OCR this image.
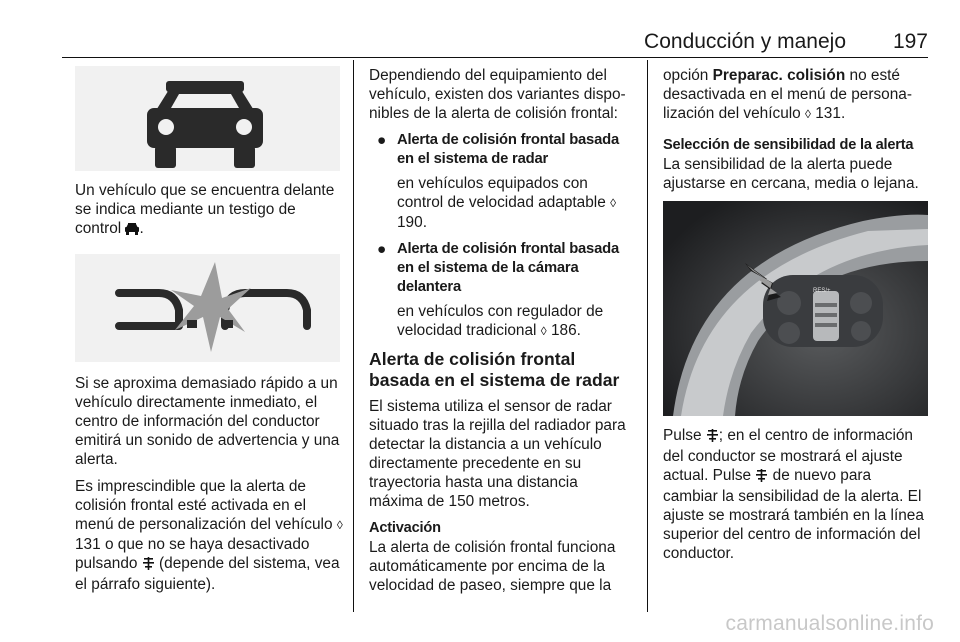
Conducción y manejo 197

Un vehículo que se encuentra delante se indica mediante un testigo de control .

Si se aproxima demasiado rápido a un vehículo directamente inmediato, el centro de información del conductor emitirá un sonido de advertencia y una alerta.

Es imprescindible que la alerta de colisión frontal esté activada en el menú de personalización del vehículo ◊ 131 o que no se haya desactivado pulsando  (depende del sistema, vea el párrafo siguiente).

Dependiendo del equipamiento del vehículo, existen dos variantes disponibles de la alerta de colisión frontal:

● Alerta de colisión frontal basada en el sistema de radar
en vehículos equipados con control de velocidad adaptable ◊ 190.
● Alerta de colisión frontal basada en el sistema de la cámara delantera
en vehículos con regulador de velocidad tradicional ◊ 186.
Alerta de colisión frontal basada en el sistema de radar

El sistema utiliza el sensor de radar situado tras la rejilla del radiador para detectar la distancia a un vehículo directamente precedente en su trayectoria hasta una distancia máxima de 150 metros.

Activación

La alerta de colisión frontal funciona automáticamente por encima de la velocidad de paseo, siempre que la

opción Preparac. colisión no esté desactivada en el menú de personalización del vehículo ◊ 131.

Selección de sensibilidad de la alerta

La sensibilidad de la alerta puede ajustarse en cercana, media o lejana.

RES/+

Pulse ; en el centro de información del conductor se mostrará el ajuste actual. Pulse  de nuevo para cambiar la sensibilidad de la alerta. El ajuste se mostrará también en la línea superior del centro de información del conductor.

carmanualsonline.info
